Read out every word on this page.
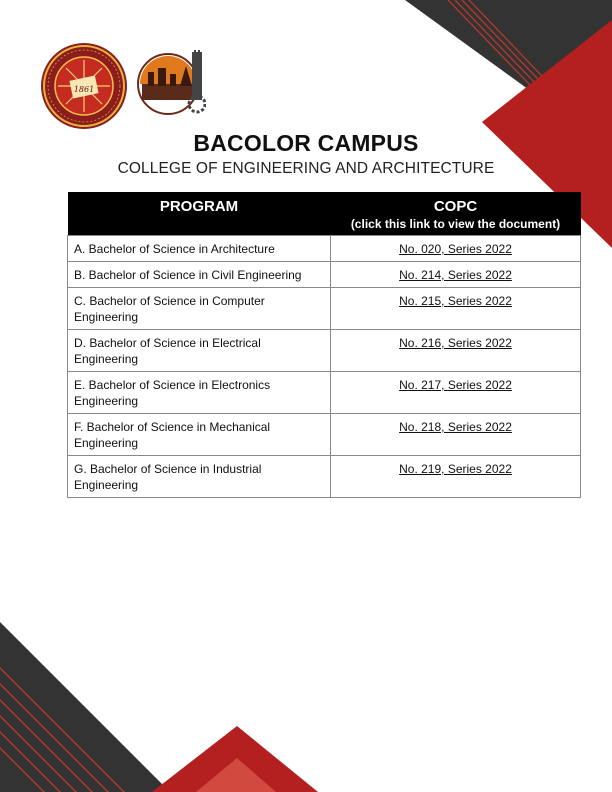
1861
DHVSU
BACOLOR CAMPUS
COLLEGE OF ENGINEERING AND ARCHITECTURE
PROGRAM	COPC
(click this link to view the document)

A. Bachelor of Science in Architecture	No. 020, Series 2022
B. Bachelor of Science in Civil Engineering	No. 214, Series 2022
C. Bachelor of Science in Computer Engineering	No. 215, Series 2022
D. Bachelor of Science in Electrical Engineering	No. 216, Series 2022
E. Bachelor of Science in Electronics Engineering	No. 217, Series 2022
F. Bachelor of Science in Mechanical Engineering	No. 218, Series 2022
G. Bachelor of Science in Industrial Engineering	No. 219, Series 2022
